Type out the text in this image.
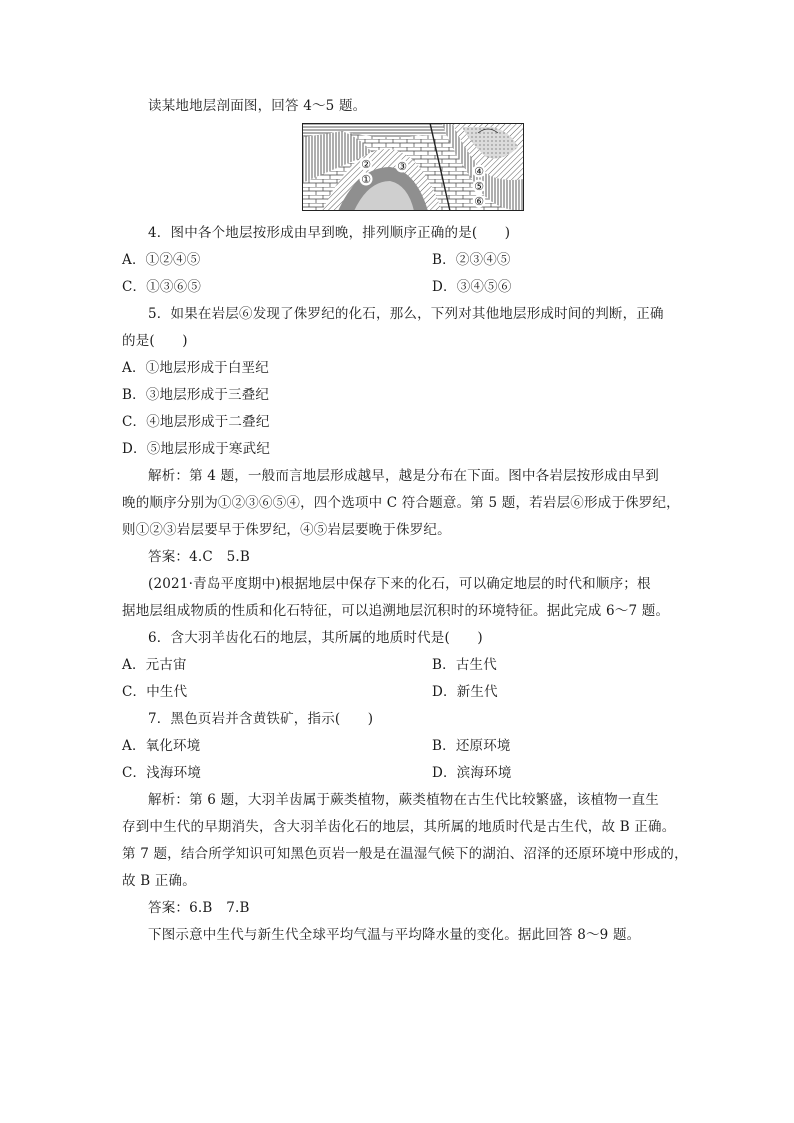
读某地地层剖面图，回答 4～5 题。
②
①
③	④
⑤
⑥
4．图中各个地层按形成由早到晚，排列顺序正确的是(　　)
A．①②④⑤	B．②③④⑤
C．①③⑥⑤	D．③④⑤⑥
5．如果在岩层⑥发现了侏罗纪的化石，那么，下列对其他地层形成时间的判断，正确
的是(　　)
A．①地层形成于白垩纪
B．③地层形成于三叠纪
C．④地层形成于二叠纪
D．⑤地层形成于寒武纪
解析：第 4 题，一般而言地层形成越早，越是分布在下面。图中各岩层按形成由早到
晚的顺序分别为①②③⑥⑤④，四个选项中 C 符合题意。第 5 题，若岩层⑥形成于侏罗纪，
则①②③岩层要早于侏罗纪，④⑤岩层要晚于侏罗纪。
答案：4.C　5.B
(2021·青岛平度期中)根据地层中保存下来的化石，可以确定地层的时代和顺序；根
据地层组成物质的性质和化石特征，可以追溯地层沉积时的环境特征。据此完成 6～7 题。
6．含大羽羊齿化石的地层，其所属的地质时代是(　　)
A．元古宙	B．古生代
C．中生代	D．新生代
7．黑色页岩并含黄铁矿，指示(　　)
A．氧化环境	B．还原环境
C．浅海环境	D．滨海环境
解析：第 6 题，大羽羊齿属于蕨类植物，蕨类植物在古生代比较繁盛，该植物一直生
存到中生代的早期消失，含大羽羊齿化石的地层，其所属的地质时代是古生代，故 B 正确。
第 7 题，结合所学知识可知黑色页岩一般是在温湿气候下的湖泊、沼泽的还原环境中形成的，
故 B 正确。
答案：6.B　7.B
下图示意中生代与新生代全球平均气温与平均降水量的变化。据此回答 8～9 题。
